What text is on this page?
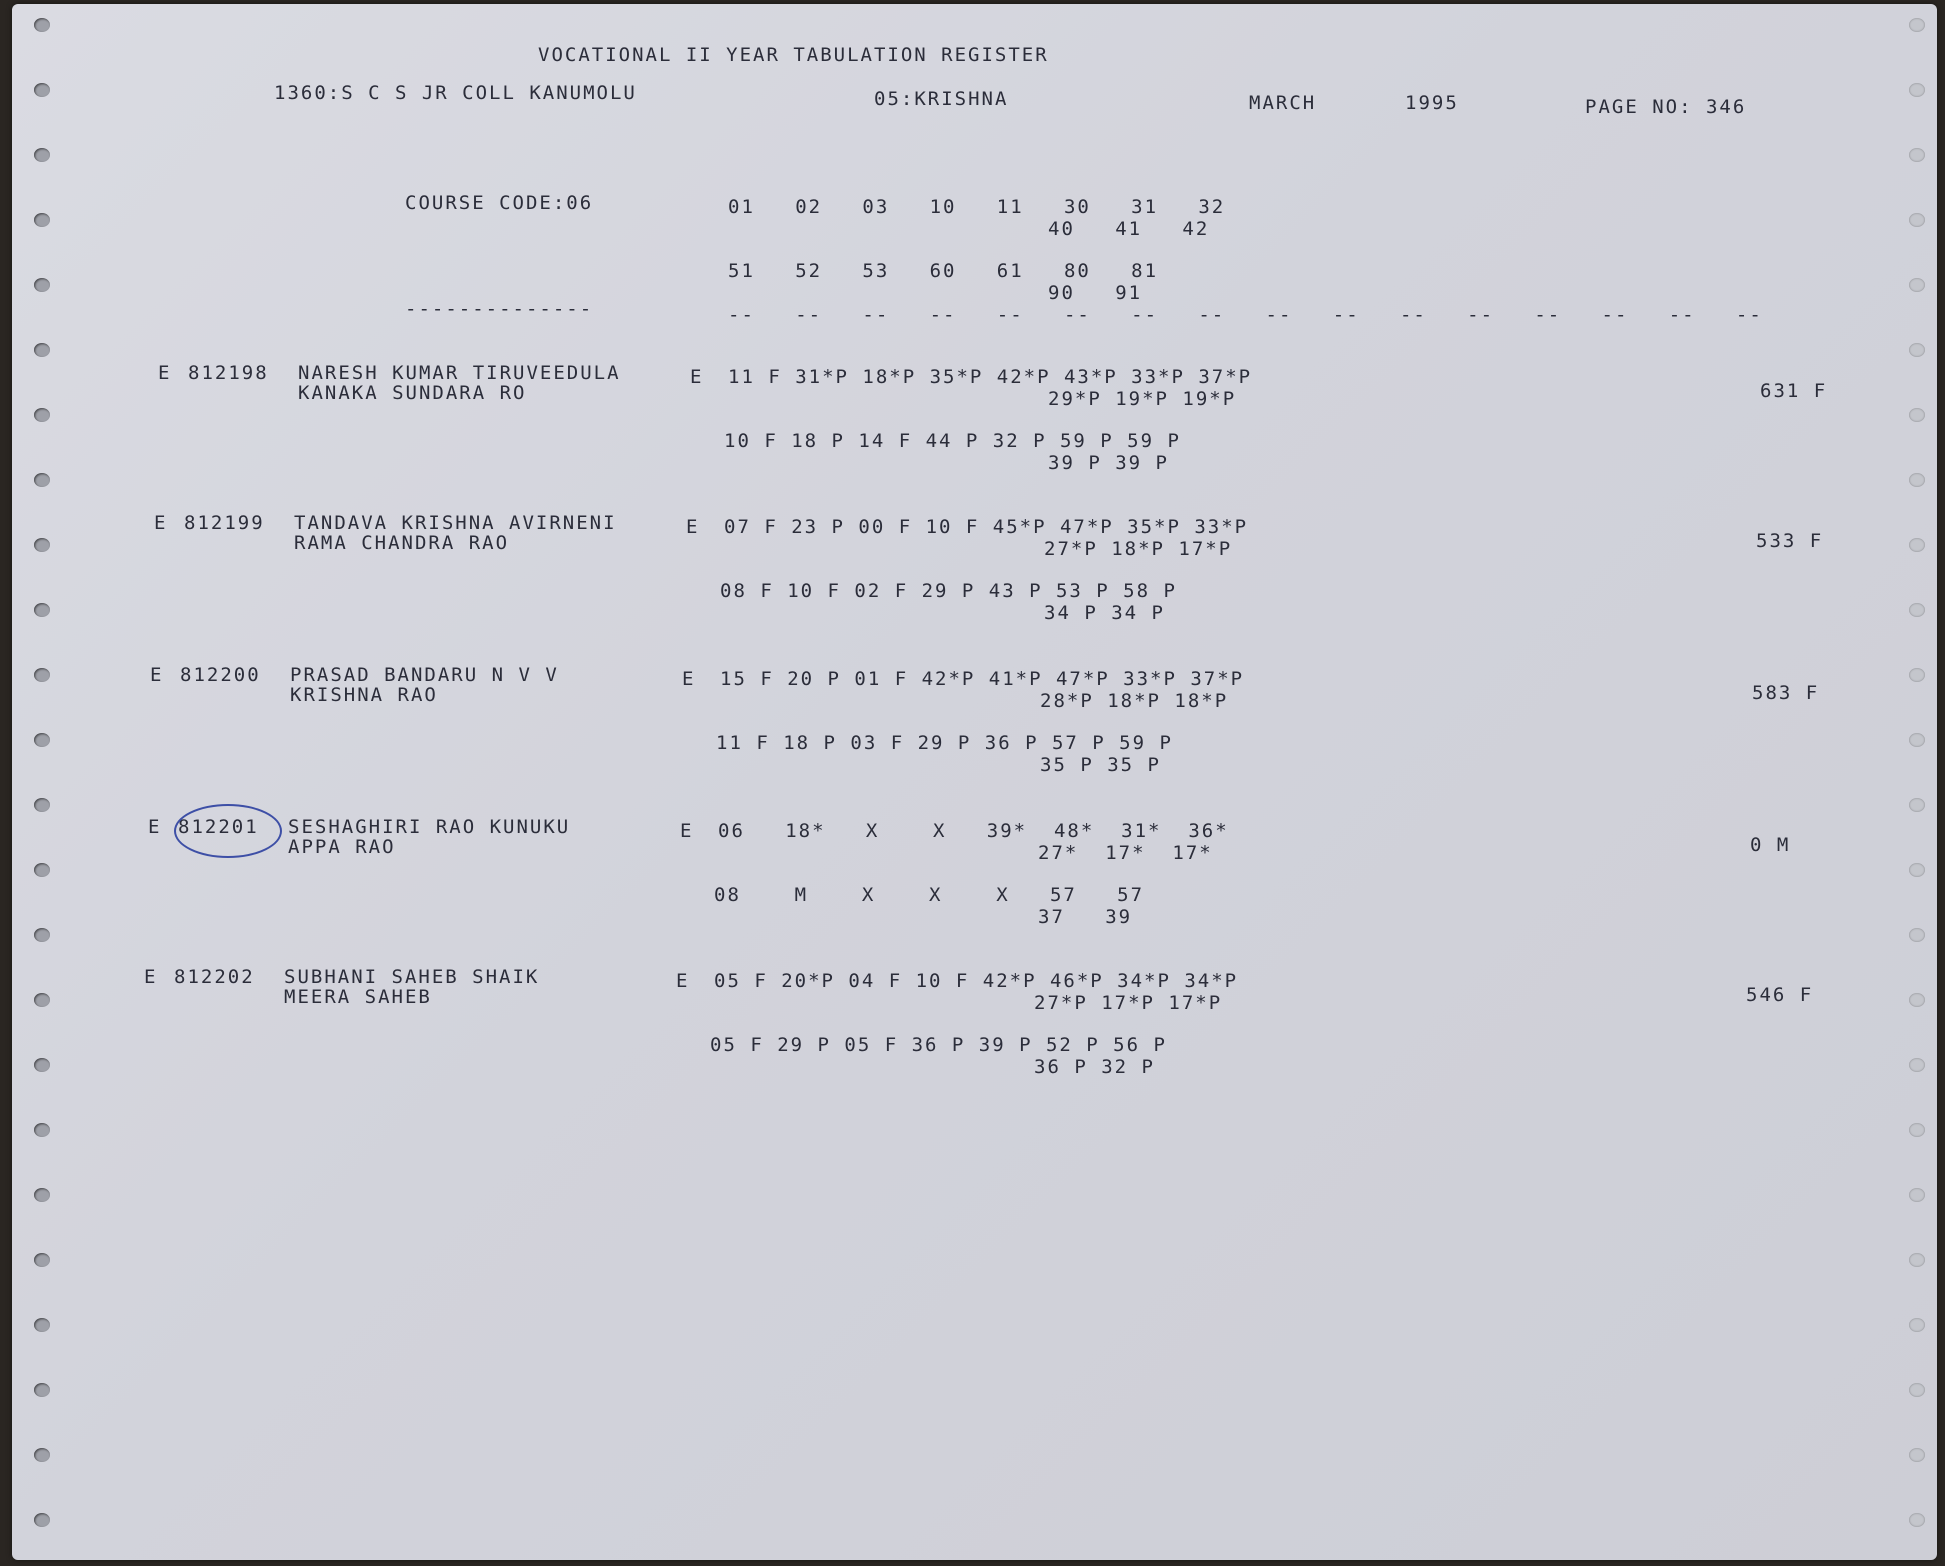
VOCATIONAL II YEAR TABULATION REGISTER
1360:S C S JR COLL KANUMOLU	05:KRISHNA	MARCH	1995	PAGE NO: 346
COURSE CODE:06	01   02   03   10   11   30   31   32
40   41   42
51   52   53   60   61   80   81
90   91
--------------	--   --   --   --   --   --   --   --   --   --   --   --   --   --   --   --
E 812198 NARESH KUMAR TIRUVEEDULA
KANAKA SUNDARA RO
E 11 F 31*P 18*P 35*P 42*P 43*P 33*P 37*P
29*P 19*P 19*P
10 F 18 P 14 F 44 P 32 P 59 P 59 P
39 P 39 P
631 F
E 812199 TANDAVA KRISHNA AVIRNENI
RAMA CHANDRA RAO
E 07 F 23 P 00 F 10 F 45*P 47*P 35*P 33*P
27*P 18*P 17*P
08 F 10 F 02 F 29 P 43 P 53 P 58 P
34 P 34 P
533 F
E 812200 PRASAD BANDARU N V V
KRISHNA RAO
E 15 F 20 P 01 F 42*P 41*P 47*P 33*P 37*P
28*P 18*P 18*P
11 F 18 P 03 F 29 P 36 P 57 P 59 P
35 P 35 P
583 F
E 812201 SESHAGHIRI RAO KUNUKU
APPA RAO
E 06   18*   X    X   39*  48*  31*  36*
27*  17*  17*
08    M    X    X    X   57   57
37   39
0 M
E 812202 SUBHANI SAHEB SHAIK
MEERA SAHEB
E 05 F 20*P 04 F 10 F 42*P 46*P 34*P 34*P
27*P 17*P 17*P
05 F 29 P 05 F 36 P 39 P 52 P 56 P
36 P 32 P
546 F
